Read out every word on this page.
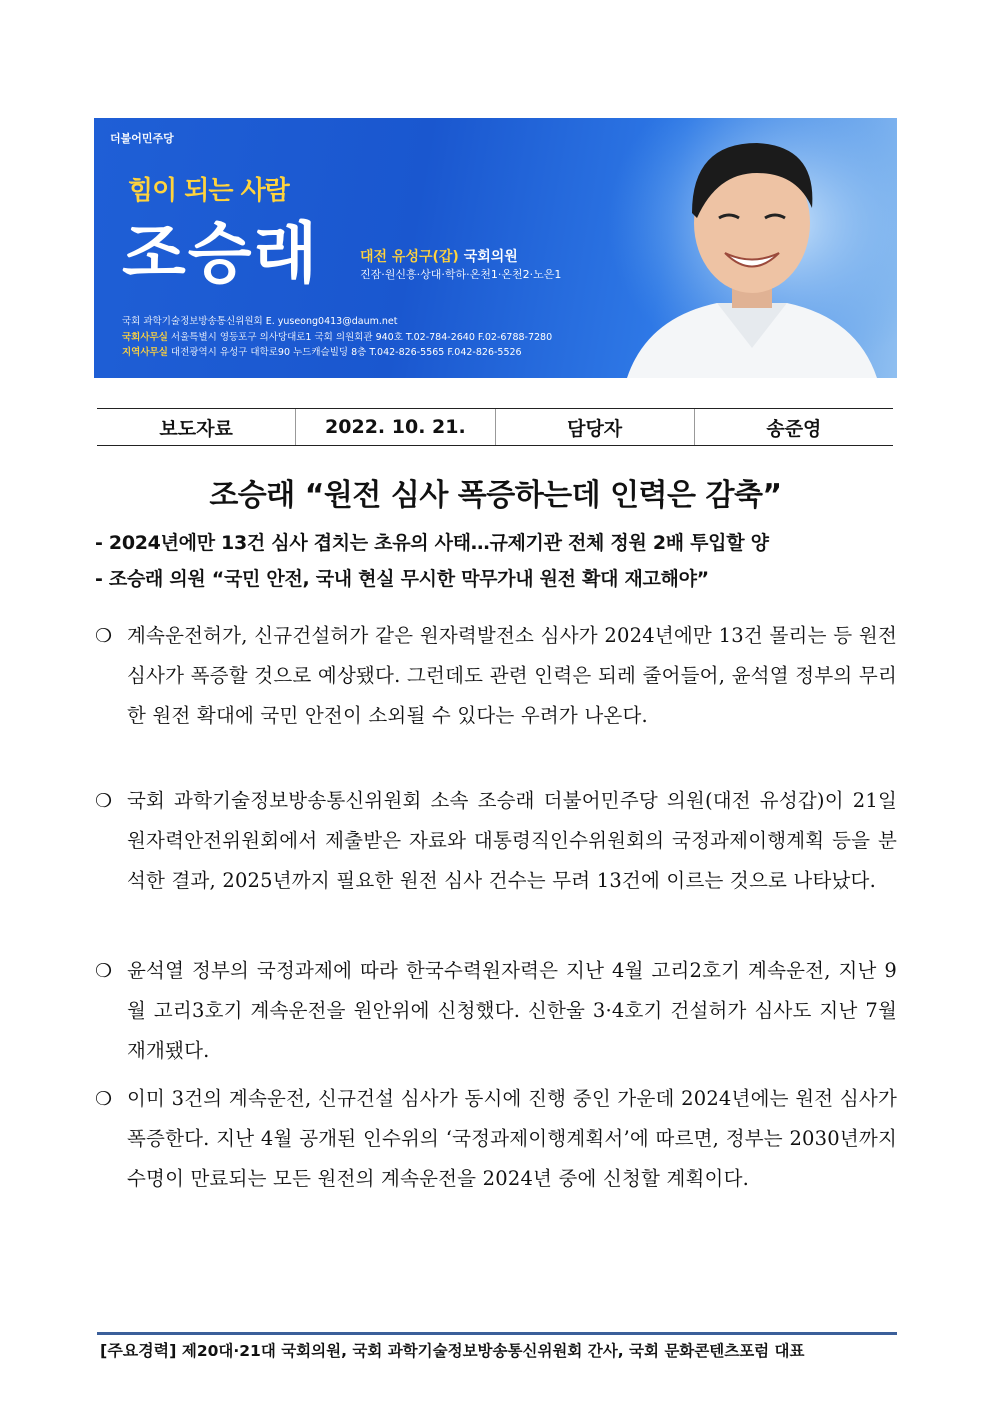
더불어민주당
힘이 되는 사람
조승래	대전 유성구(갑) 국회의원
진잠·원신흥·상대·학하·온천1·온천2·노은1
국회 과학기술정보방송통신위원회 E. yuseong0413@daum.net
국회사무실 서울특별시 영등포구 의사당대로1 국회 의원회관 940호 T.02-784-2640 F.02-6788-7280
지역사무실 대전광역시 유성구 대학로90 누드캐슬빌딩 8층 T.042-826-5565 F.042-826-5526
보도자료	2022. 10. 21.	담당자	송준영
조승래 “원전 심사 폭증하는데 인력은 감축”
- 2024년에만 13건 심사 겹치는 초유의 사태…규제기관 전체 정원 2배 투입할 양
- 조승래 의원 “국민 안전, 국내 현실 무시한 막무가내 원전 확대 재고해야”
❍ 계속운전허가, 신규건설허가 같은 원자력발전소 심사가 2024년에만 13건 몰리는 등 원전 심사가 폭증할 것으로 예상됐다. 그런데도 관련 인력은 되레 줄어들어, 윤석열 정부의 무리한 원전 확대에 국민 안전이 소외될 수 있다는 우려가 나온다.
❍ 국회 과학기술정보방송통신위원회 소속 조승래 더불어민주당 의원(대전 유성갑)이 21일 원자력안전위원회에서 제출받은 자료와 대통령직인수위원회의 국정과제이행계획 등을 분석한 결과, 2025년까지 필요한 원전 심사 건수는 무려 13건에 이르는 것으로 나타났다.
❍ 윤석열 정부의 국정과제에 따라 한국수력원자력은 지난 4월 고리2호기 계속운전, 지난 9월 고리3호기 계속운전을 원안위에 신청했다. 신한울 3·4호기 건설허가 심사도 지난 7월 재개됐다.
❍ 이미 3건의 계속운전, 신규건설 심사가 동시에 진행 중인 가운데 2024년에는 원전 심사가 폭증한다. 지난 4월 공개된 인수위의 ‘국정과제이행계획서’에 따르면, 정부는 2030년까지 수명이 만료되는 모든 원전의 계속운전을 2024년 중에 신청할 계획이다.
[주요경력] 제20대·21대 국회의원, 국회 과학기술정보방송통신위원회 간사, 국회 문화콘텐츠포럼 대표
